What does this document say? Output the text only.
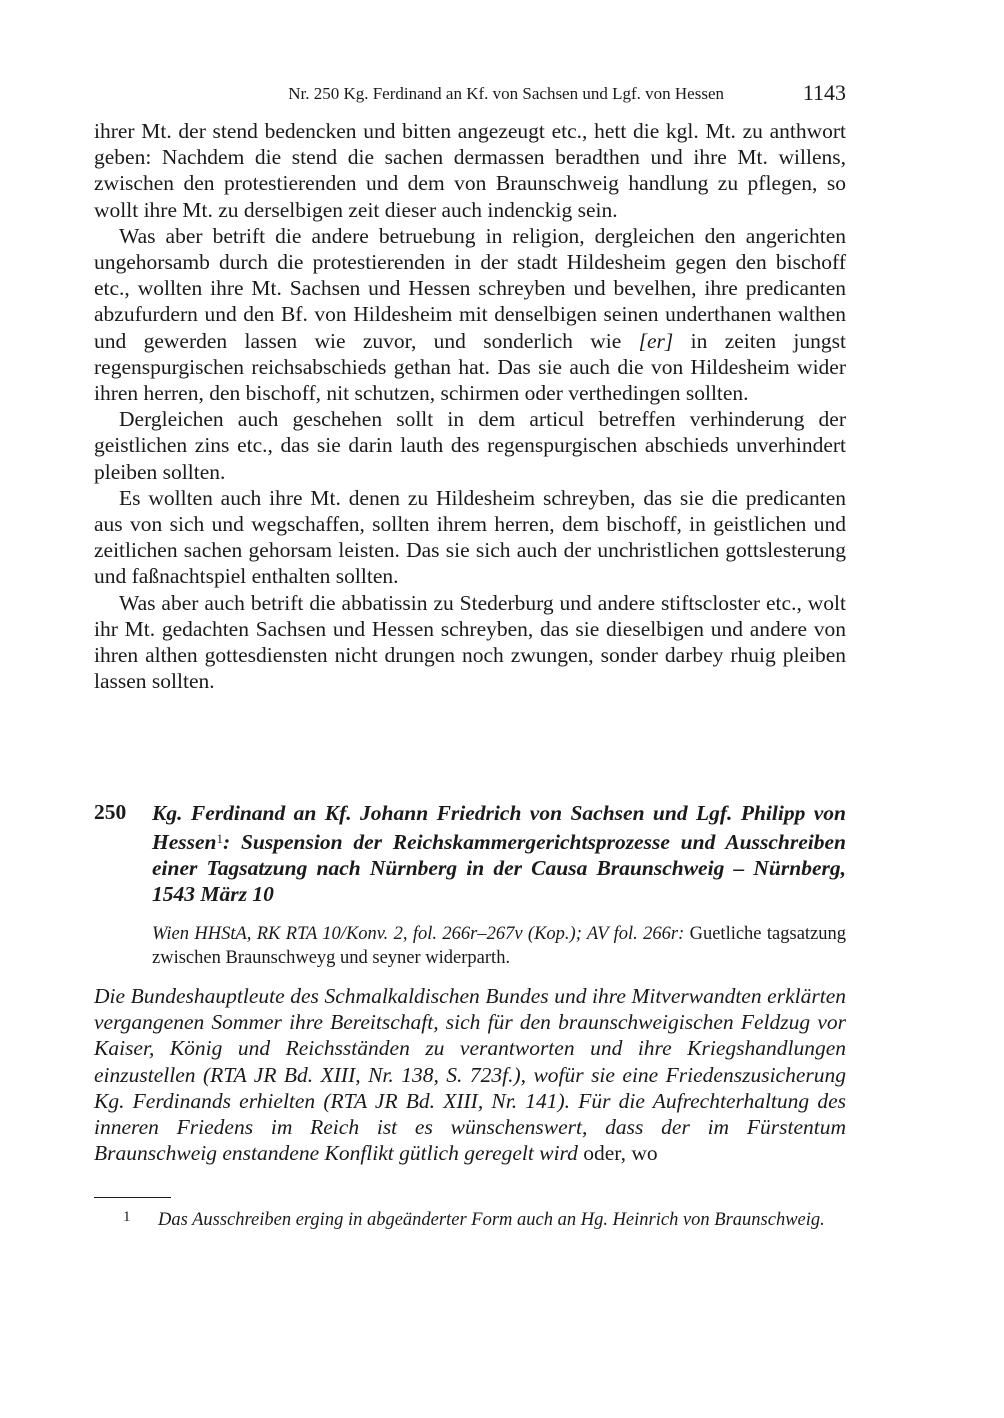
Nr. 250 Kg. Ferdinand an Kf. von Sachsen und Lgf. von Hessen	1143

ihrer Mt. der stend bedencken und bitten angezeugt etc., hett die kgl. Mt. zu anthwort geben: Nachdem die stend die sachen dermassen beradthen und ihre Mt. willens, zwischen den protestierenden und dem von Braunschweig handlung zu pflegen, so wollt ihre Mt. zu derselbigen zeit dieser auch indenckig sein.

Was aber betrift die andere betruebung in religion, dergleichen den angerichten ungehorsamb durch die protestierenden in der stadt Hildesheim gegen den bischoff etc., wollten ihre Mt. Sachsen und Hessen schreyben und bevelhen, ihre predicanten abzufurdern und den Bf. von Hildesheim mit denselbigen seinen underthanen walthen und gewerden lassen wie zuvor, und sonderlich wie [er] in zeiten jungst regenspurgischen reichsabschieds gethan hat. Das sie auch die von Hildesheim wider ihren herren, den bischoff, nit schutzen, schirmen oder verthedingen sollten.

Dergleichen auch geschehen sollt in dem articul betreffen verhinderung der geistlichen zins etc., das sie darin lauth des regenspurgischen abschieds unverhindert pleiben sollten.

Es wollten auch ihre Mt. denen zu Hildesheim schreyben, das sie die predicanten aus von sich und wegschaffen, sollten ihrem herren, dem bischoff, in geistlichen und zeitlichen sachen gehorsam leisten. Das sie sich auch der unchristlichen gottslesterung und faßnachtspiel enthalten sollten.

Was aber auch betrift die abbatissin zu Stederburg und andere stiftscloster etc., wolt ihr Mt. gedachten Sachsen und Hessen schreyben, das sie dieselbigen und andere von ihren althen gottesdiensten nicht drungen noch zwungen, sonder darbey rhuig pleiben lassen sollten.

250 Kg. Ferdinand an Kf. Johann Friedrich von Sachsen und Lgf. Philipp von Hessen$^1$: Suspension der Reichskammergerichtsprozesse und Ausschreiben einer Tagsatzung nach Nürnberg in der Causa Braunschweig – Nürnberg, 1543 März 10
Wien HHStA, RK RTA 10/Konv. 2, fol. 266r–267v (Kop.); AV fol. 266r: Guetliche tagsatzung zwischen Braunschweyg und seyner widerparth.
Die Bundeshauptleute des Schmalkaldischen Bundes und ihre Mitverwandten erklärten vergangenen Sommer ihre Bereitschaft, sich für den braunschweigischen Feldzug vor Kaiser, König und Reichsständen zu verantworten und ihre Kriegshandlungen einzustellen (RTA JR Bd. XIII, Nr. 138, S. 723f.), wofür sie eine Friedenszusicherung Kg. Ferdinands erhielten (RTA JR Bd. XIII, Nr. 141). Für die Aufrechterhaltung des inneren Friedens im Reich ist es wünschenswert, dass der im Fürstentum Braunschweig enstandene Konflikt gütlich geregelt wird oder, wo
1 Das Ausschreiben erging in abgeänderter Form auch an Hg. Heinrich von Braunschweig.
